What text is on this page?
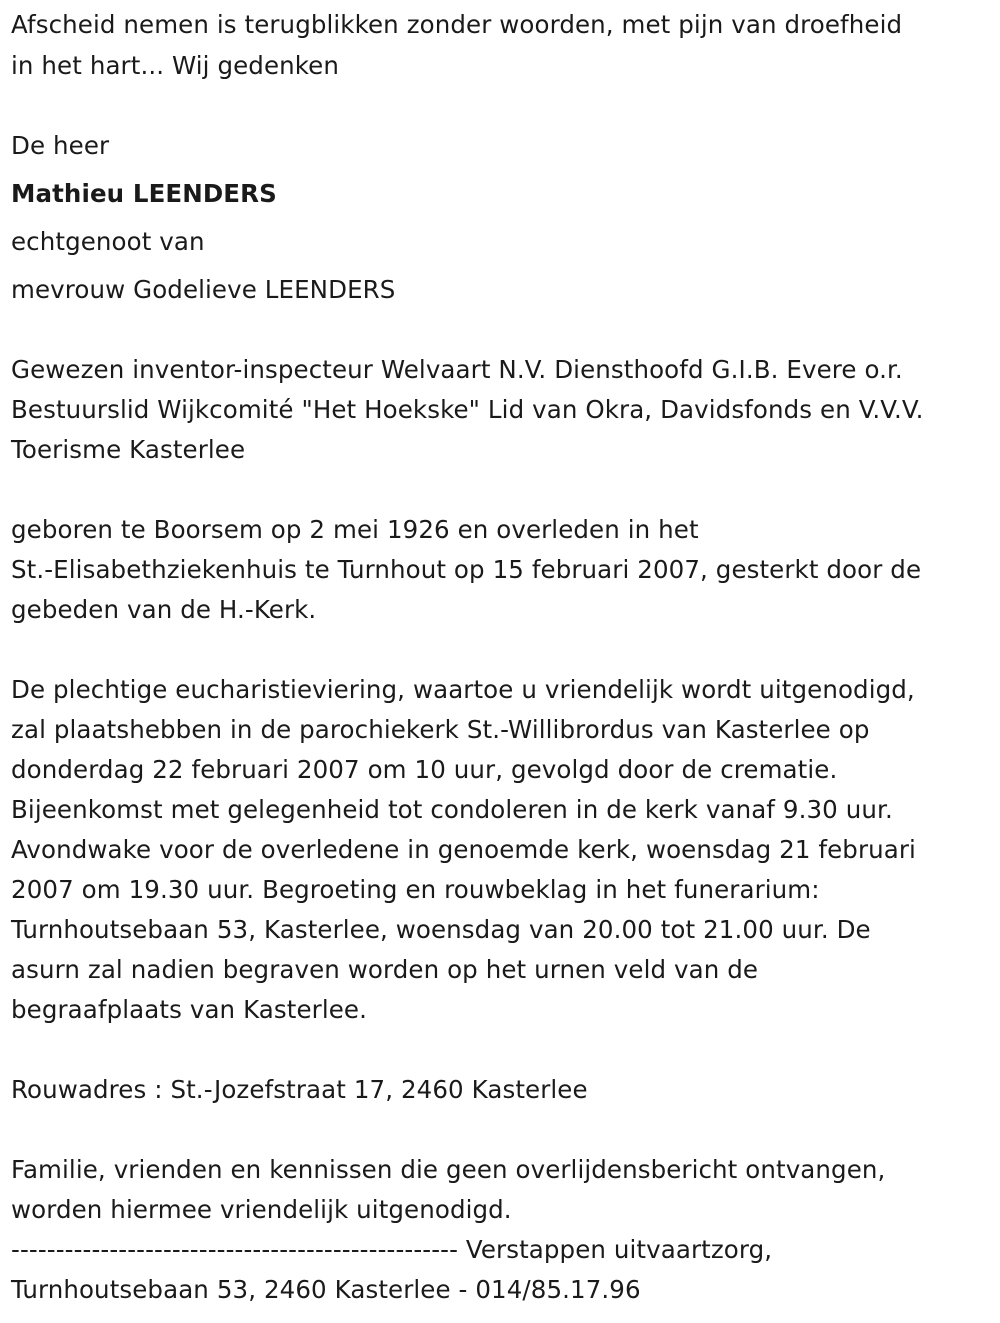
Afscheid nemen is terugblikken zonder woorden, met pijn van droefheid
in het hart... Wij gedenken
De heer
Mathieu LEENDERS
echtgenoot van
mevrouw Godelieve LEENDERS
Gewezen inventor-inspecteur Welvaart N.V. Diensthoofd G.I.B. Evere o.r.
Bestuurslid Wijkcomité "Het Hoekske" Lid van Okra, Davidsfonds en V.V.V.
Toerisme Kasterlee
geboren te Boorsem op 2 mei 1926 en overleden in het
St.-Elisabethziekenhuis te Turnhout op 15 februari 2007, gesterkt door de
gebeden van de H.-Kerk.
De plechtige eucharistieviering, waartoe u vriendelijk wordt uitgenodigd,
zal plaatshebben in de parochiekerk St.-Willibrordus van Kasterlee op
donderdag 22 februari 2007 om 10 uur, gevolgd door de crematie.
Bijeenkomst met gelegenheid tot condoleren in de kerk vanaf 9.30 uur.
Avondwake voor de overledene in genoemde kerk, woensdag 21 februari
2007 om 19.30 uur. Begroeting en rouwbeklag in het funerarium:
Turnhoutsebaan 53, Kasterlee, woensdag van 20.00 tot 21.00 uur. De
asurn zal nadien begraven worden op het urnen veld van de
begraafplaats van Kasterlee.
Rouwadres : St.-Jozefstraat 17, 2460 Kasterlee
Familie, vrienden en kennissen die geen overlijdensbericht ontvangen,
worden hiermee vriendelijk uitgenodigd.
-------------------------------------------------- Verstappen uitvaartzorg,
Turnhoutsebaan 53, 2460 Kasterlee - 014/85.17.96
